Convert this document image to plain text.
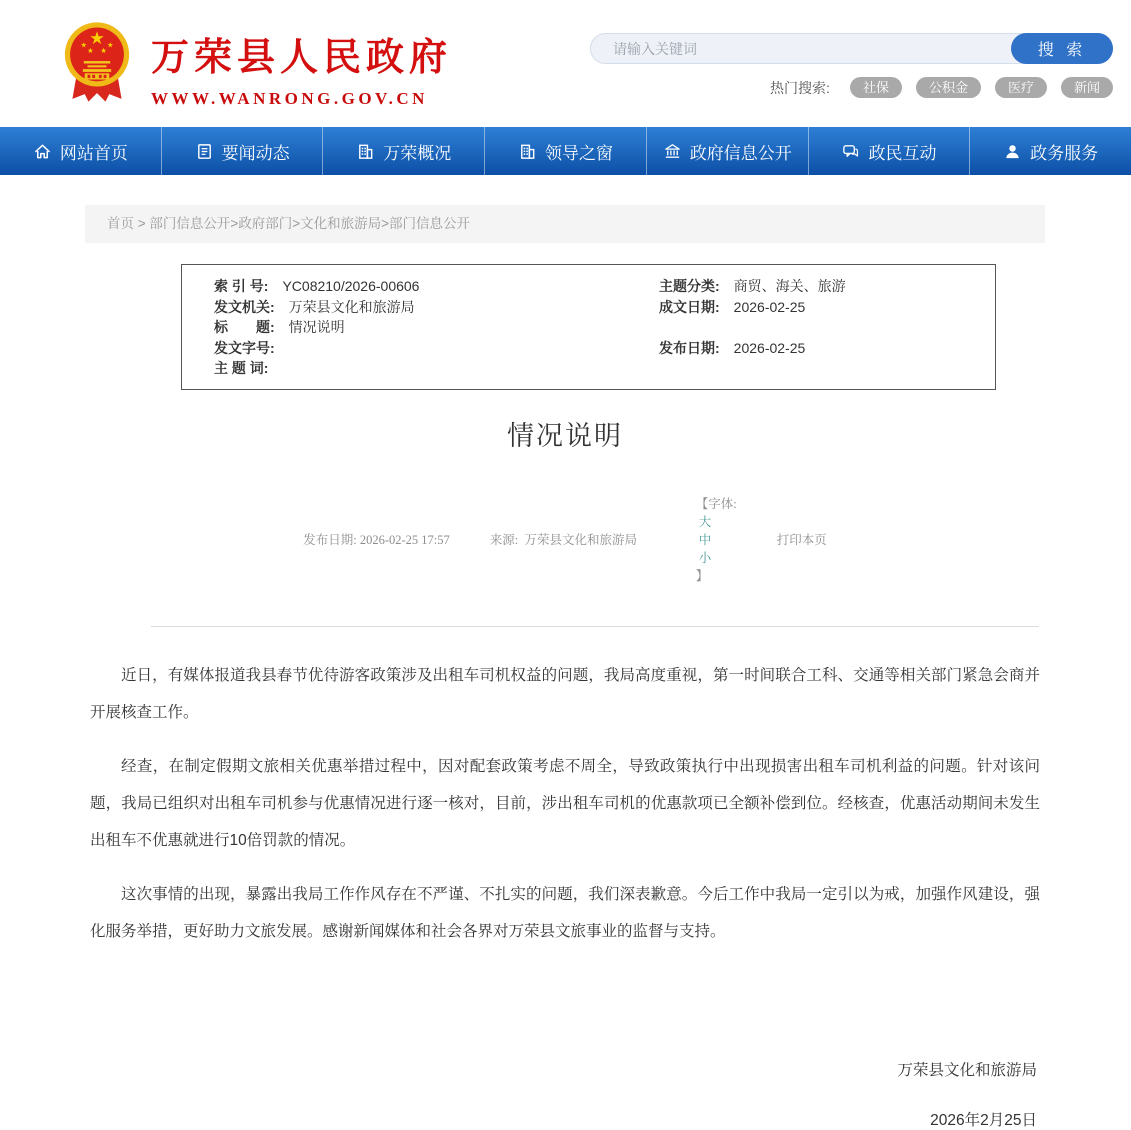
万荣县人民政府
WWW.WANRONG.GOV.CN
请输入关键词
搜 索
热门搜索:	社保	公积金	医疗	新闻
网站首页	要闻动态	万荣概况	领导之窗	政府信息公开	政民互动	政务服务
首页 > 部门信息公开>政府部门>文化和旅游局>部门信息公开
索 引 号: YC08210/2026-00606
发文机关: 万荣县文化和旅游局
标　　题: 情况说明
发文字号:
主 题 词:
主题分类: 商贸、海关、旅游
成文日期: 2026-02-25
发布日期: 2026-02-25
情况说明
发布日期: 2026-02-25 17:57	来源:  万荣县文化和旅游局

【字体:
大
中
小
】

打印本页

近日，有媒体报道我县春节优待游客政策涉及出租车司机权益的问题，我局高度重视，第一时间联合工科、交通等相关部门紧急会商并开展核查工作。

经查，在制定假期文旅相关优惠举措过程中，因对配套政策考虑不周全，导致政策执行中出现损害出租车司机利益的问题。针对该问题，我局已组织对出租车司机参与优惠情况进行逐一核对，目前，涉出租车司机的优惠款项已全额补偿到位。经核查，优惠活动期间未发生出租车不优惠就进行10倍罚款的情况。

这次事情的出现，暴露出我局工作作风存在不严谨、不扎实的问题，我们深表歉意。今后工作中我局一定引以为戒，加强作风建设，强化服务举措，更好助力文旅发展。感谢新闻媒体和社会各界对万荣县文旅事业的监督与支持。

万荣县文化和旅游局
2026年2月25日
